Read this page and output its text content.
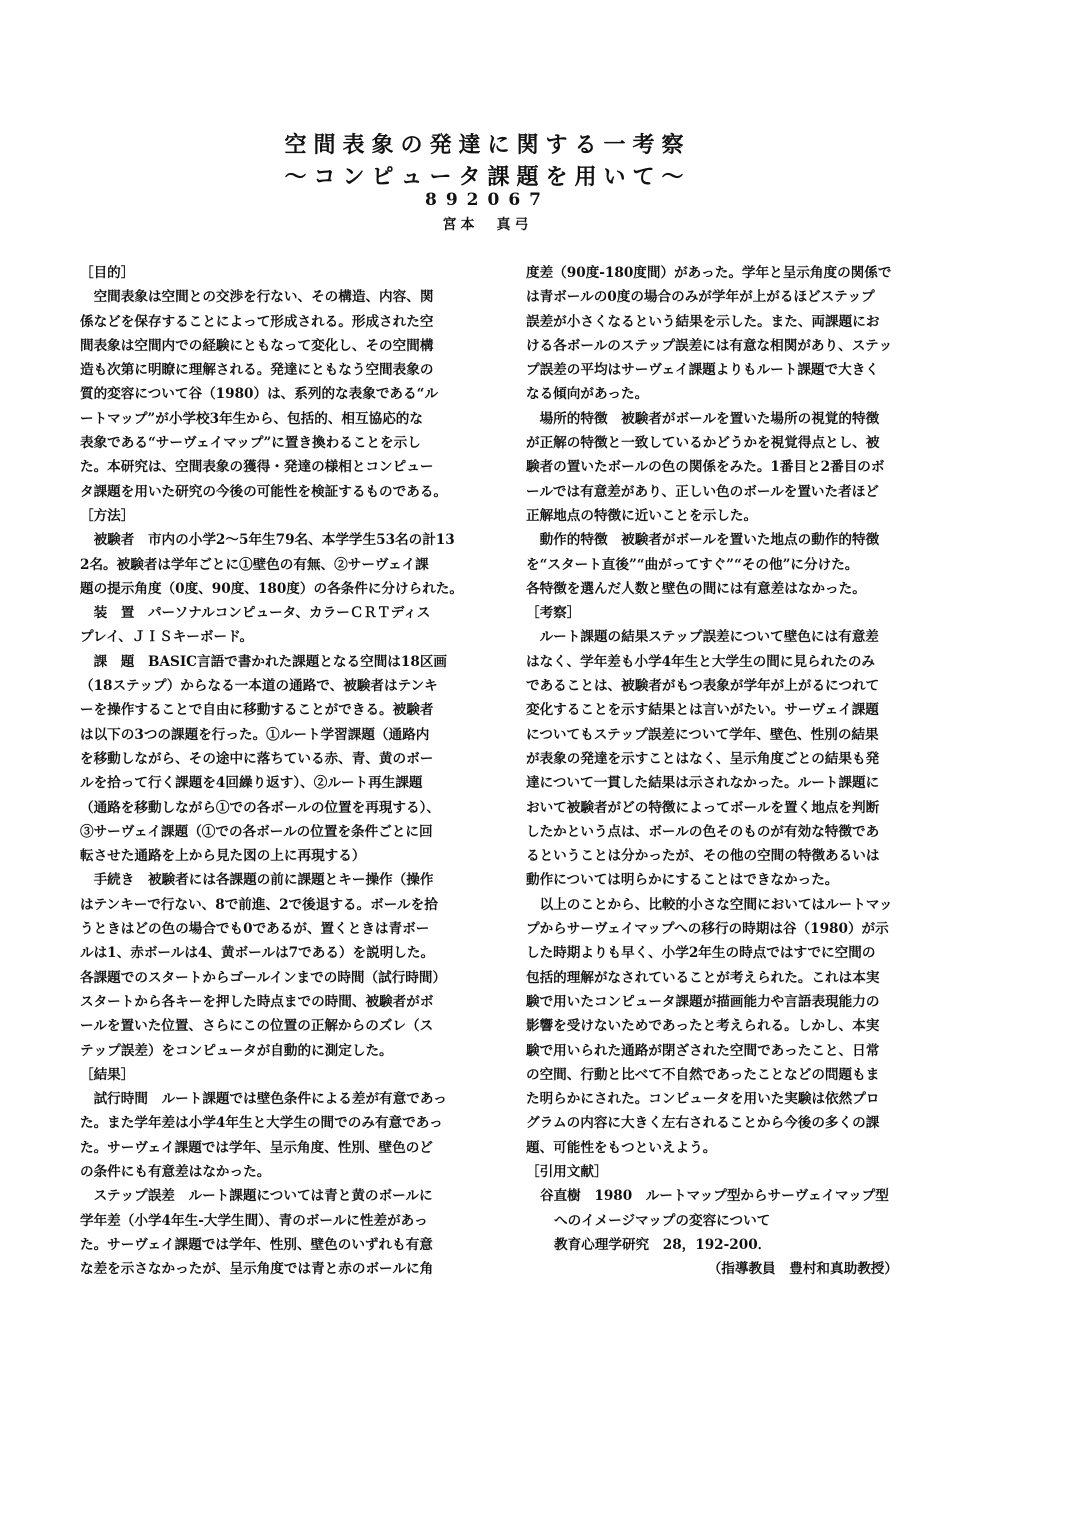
空間表象の発達に関する一考察
〜コンピュータ課題を用いて〜
892067
宮本　真弓
［目的］
　空間表象は空間との交渉を行ない、その構造、内容、関
係などを保存することによって形成される。形成された空
間表象は空間内での経験にともなって変化し、その空間構
造も次第に明瞭に理解される。発達にともなう空間表象の
質的変容について谷（1980）は、系列的な表象である“ル
ートマップ”が小学校3年生から、包括的、相互協応的な
表象である“サーヴェイマップ”に置き換わることを示し
た。本研究は、空間表象の獲得・発達の様相とコンピュー
タ課題を用いた研究の今後の可能性を検証するものである。
［方法］
　被験者　市内の小学2〜5年生79名、本学学生53名の計13
2名。被験者は学年ごとに①壁色の有無、②サーヴェイ課
題の提示角度（0度、90度、180度）の各条件に分けられた。
　装　置　パーソナルコンピュータ、カラーＣＲＴディス
プレイ、ＪＩＳキーボード。
　課　題　BASIC言語で書かれた課題となる空間は18区画
（18ステップ）からなる一本道の通路で、被験者はテンキ
ーを操作することで自由に移動することができる。被験者
は以下の3つの課題を行った。①ルート学習課題（通路内
を移動しながら、その途中に落ちている赤、青、黄のボー
ルを拾って行く課題を4回繰り返す）、②ルート再生課題
（通路を移動しながら①での各ボールの位置を再現する）、
③サーヴェイ課題（①での各ボールの位置を条件ごとに回
転させた通路を上から見た図の上に再現する）
　手続き　被験者には各課題の前に課題とキー操作（操作
はテンキーで行ない、8で前進、2で後退する。ボールを拾
うときはどの色の場合でも0であるが、置くときは青ボー
ルは1、赤ボールは4、黄ボールは7である）を説明した。
各課題でのスタートからゴールインまでの時間（試行時間）
スタートから各キーを押した時点までの時間、被験者がボ
ールを置いた位置、さらにこの位置の正解からのズレ（ス
テップ誤差）をコンピュータが自動的に測定した。
［結果］
　試行時間　ルート課題では壁色条件による差が有意であっ
た。また学年差は小学4年生と大学生の間でのみ有意であっ
た。サーヴェイ課題では学年、呈示角度、性別、壁色のど
の条件にも有意差はなかった。
　ステップ誤差　ルート課題については青と黄のボールに
学年差（小学4年生-大学生間）、青のボールに性差があっ
た。サーヴェイ課題では学年、性別、壁色のいずれも有意
な差を示さなかったが、呈示角度では青と赤のボールに角
度差（90度-180度間）があった。学年と呈示角度の関係で
は青ボールの0度の場合のみが学年が上がるほどステップ
誤差が小さくなるという結果を示した。また、両課題にお
ける各ボールのステップ誤差には有意な相関があり、ステッ
プ誤差の平均はサーヴェイ課題よりもルート課題で大きく
なる傾向があった。
　場所的特徴　被験者がボールを置いた場所の視覚的特徴
が正解の特徴と一致しているかどうかを視覚得点とし、被
験者の置いたボールの色の関係をみた。1番目と2番目のボ
ールでは有意差があり、正しい色のボールを置いた者ほど
正解地点の特徴に近いことを示した。
　動作的特徴　被験者がボールを置いた地点の動作的特徴
を“スタート直後”“曲がってすぐ”“その他”に分けた。
各特徴を選んだ人数と壁色の間には有意差はなかった。
［考察］
　ルート課題の結果ステップ誤差について壁色には有意差
はなく、学年差も小学4年生と大学生の間に見られたのみ
であることは、被験者がもつ表象が学年が上がるにつれて
変化することを示す結果とは言いがたい。サーヴェイ課題
についてもステップ誤差について学年、壁色、性別の結果
が表象の発達を示すことはなく、呈示角度ごとの結果も発
達について一貫した結果は示されなかった。ルート課題に
おいて被験者がどの特徴によってボールを置く地点を判断
したかという点は、ボールの色そのものが有効な特徴であ
るということは分かったが、その他の空間の特徴あるいは
動作については明らかにすることはできなかった。
　以上のことから、比較的小さな空間においてはルートマッ
プからサーヴェイマップへの移行の時期は谷（1980）が示
した時期よりも早く、小学2年生の時点ではすでに空間の
包括的理解がなされていることが考えられた。これは本実
験で用いたコンピュータ課題が描画能力や言語表現能力の
影響を受けないためであったと考えられる。しかし、本実
験で用いられた通路が閉ざされた空間であったこと、日常
の空間、行動と比べて不自然であったことなどの問題もま
た明らかにされた。コンピュータを用いた実験は依然プロ
グラムの内容に大きく左右されることから今後の多くの課
題、可能性をもつといえよう。
［引用文献］
谷直樹　1980　ルートマップ型からサーヴェイマップ型
へのイメージマップの変容について
教育心理学研究　28，192-200．
（指導教員　豊村和真助教授）
